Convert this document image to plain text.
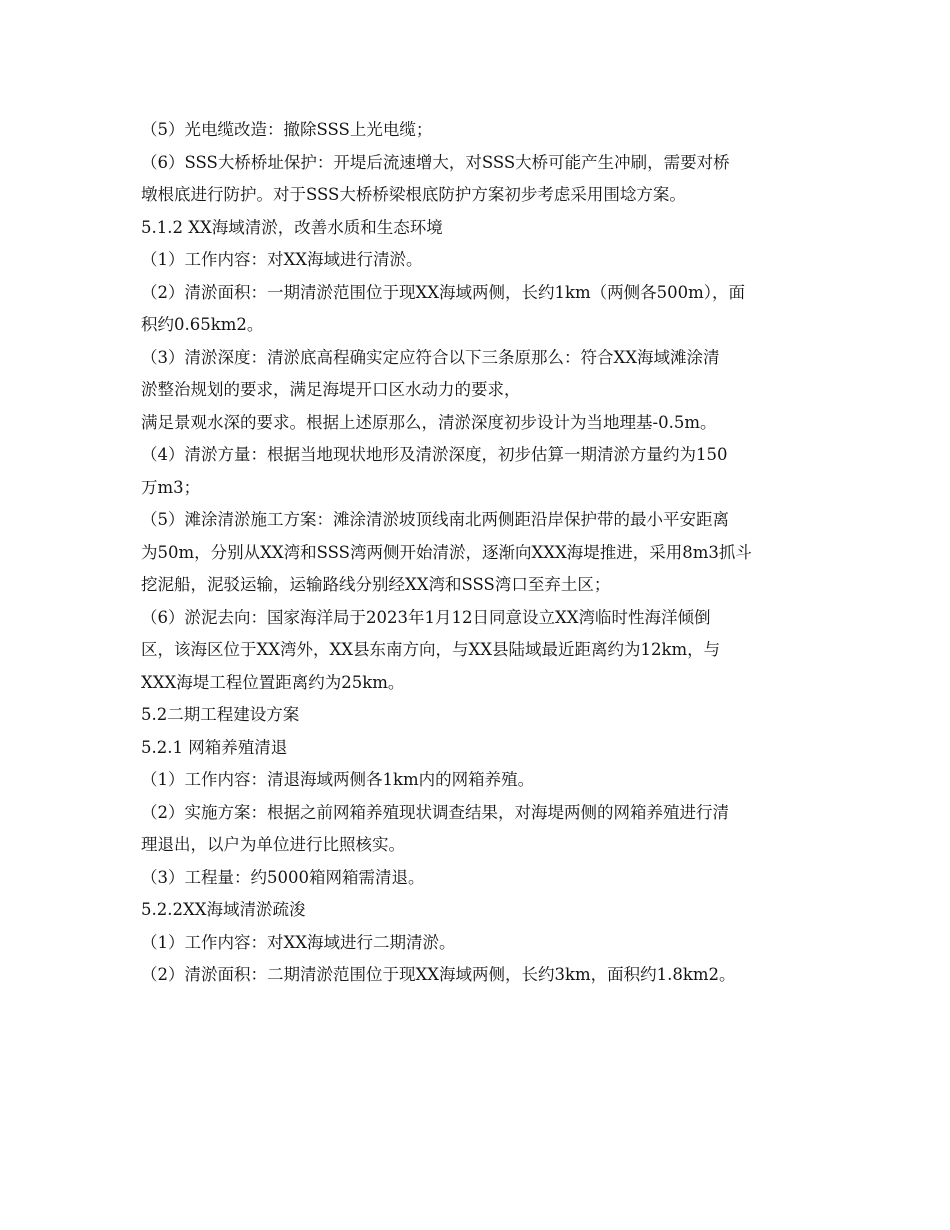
（5）光电缆改造：撤除SSS上光电缆；
（6）SSS大桥桥址保护：开堤后流速增大，对SSS大桥可能产生冲刷，需要对桥
墩根底进行防护。对于SSS大桥桥梁根底防护方案初步考虑采用围埝方案。
5.1.2 XX海域清淤，改善水质和生态环境
（1）工作内容：对XX海域进行清淤。
（2）清淤面积：一期清淤范围位于现XX海域两侧，长约1km（两侧各500m），面
积约0.65km2。
（3）清淤深度：清淤底高程确实定应符合以下三条原那么：符合XX海域滩涂清
淤整治规划的要求，满足海堤开口区水动力的要求，
满足景观水深的要求。根据上述原那么，清淤深度初步设计为当地理基-0.5m。
（4）清淤方量：根据当地现状地形及清淤深度，初步估算一期清淤方量约为150
万m3；
（5）滩涂清淤施工方案：滩涂清淤坡顶线南北两侧距沿岸保护带的最小平安距离
为50m，分别从XX湾和SSS湾两侧开始清淤，逐渐向XXX海堤推进，采用8m3抓斗
挖泥船，泥驳运输，运输路线分别经XX湾和SSS湾口至弃土区；
（6）淤泥去向：国家海洋局于2023年1月12日同意设立XX湾临时性海洋倾倒
区，该海区位于XX湾外，XX县东南方向，与XX县陆域最近距离约为12km，与
XXX海堤工程位置距离约为25km。
5.2二期工程建设方案
5.2.1 网箱养殖清退
（1）工作内容：清退海域两侧各1km内的网箱养殖。
（2）实施方案：根据之前网箱养殖现状调查结果，对海堤两侧的网箱养殖进行清
理退出，以户为单位进行比照核实。
（3）工程量：约5000箱网箱需清退。
5.2.2XX海域清淤疏浚
（1）工作内容：对XX海域进行二期清淤。
（2）清淤面积：二期清淤范围位于现XX海域两侧，长约3km，面积约1.8km2。
